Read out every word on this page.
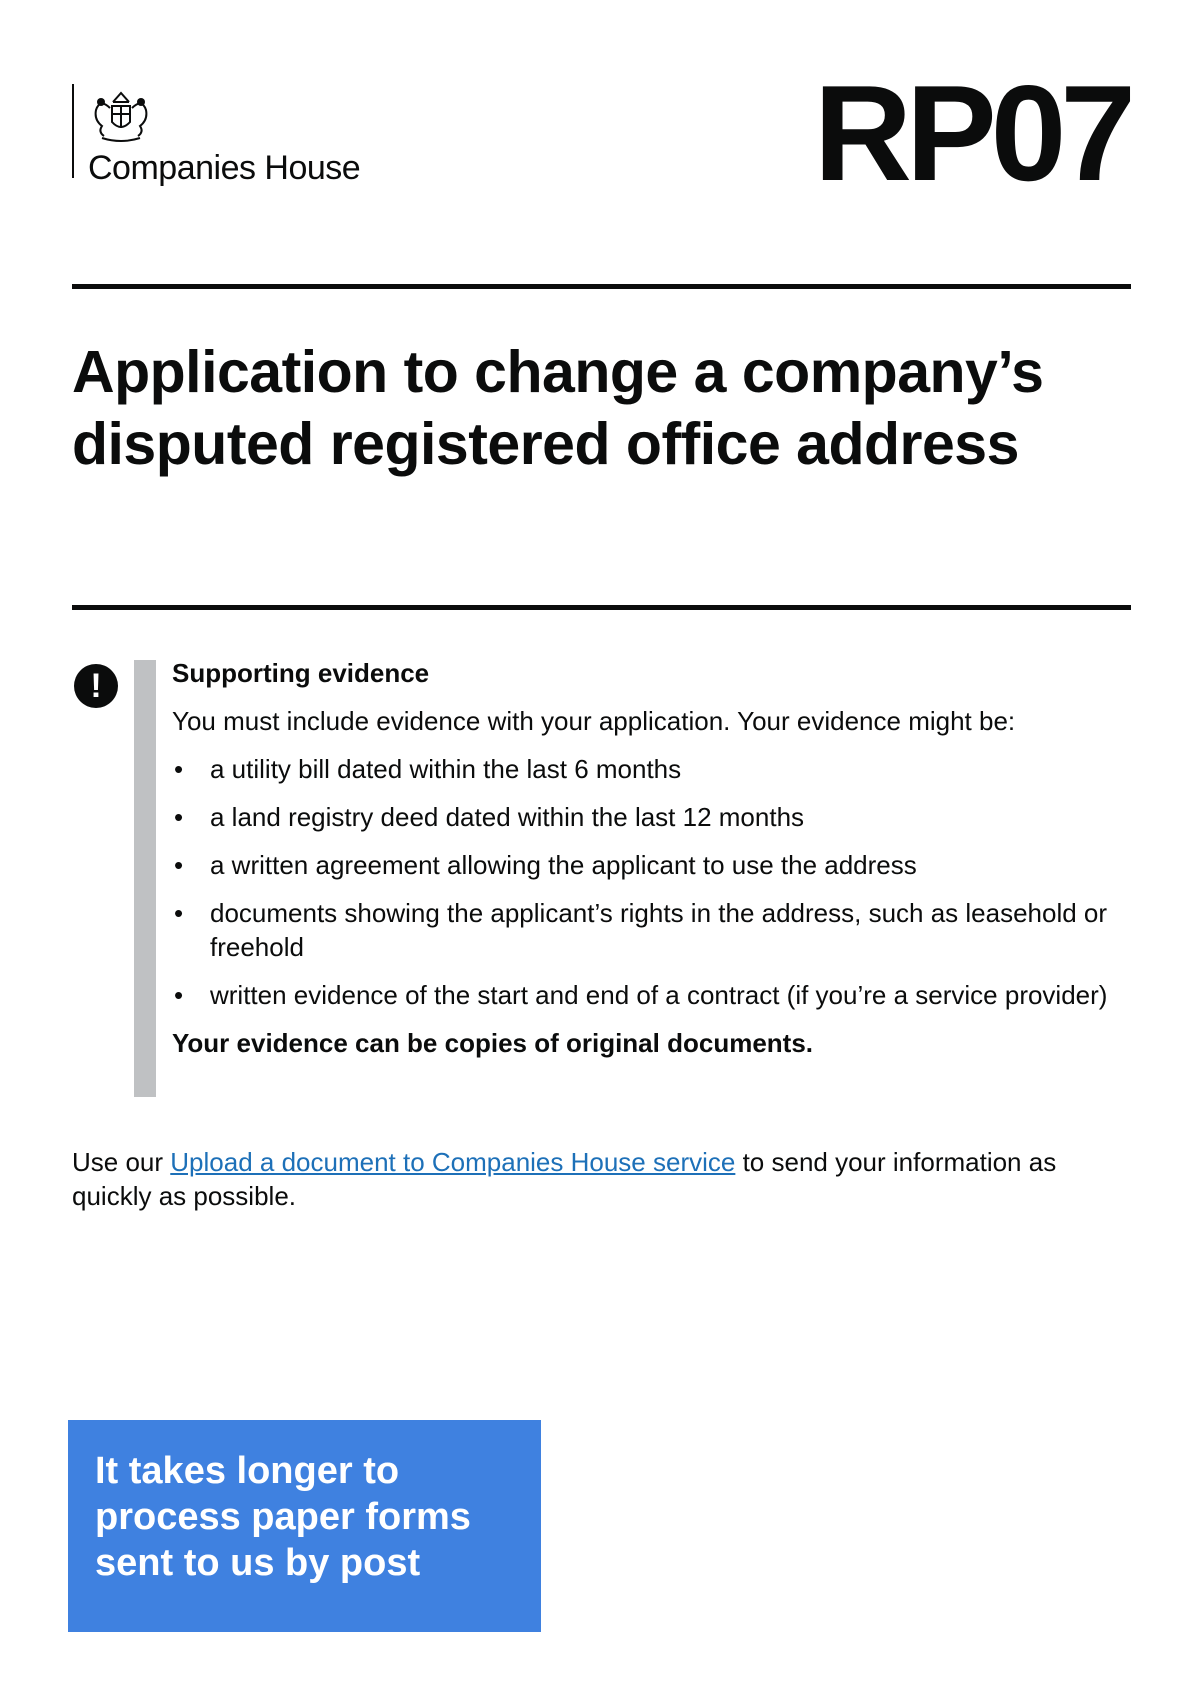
Companies House	RP07
Application to change a company’s disputed registered office address
!	Supporting evidence

You must include evidence with your application. Your evidence might be:

• a utility bill dated within the last 6 months
• a land registry deed dated within the last 12 months
• a written agreement allowing the applicant to use the address
• documents showing the applicant’s rights in the address, such as leasehold or freehold
• written evidence of the start and end of a contract (if you’re a service provider)

Your evidence can be copies of original documents.

Use our Upload a document to Companies House service to send your information as quickly as possible.

It takes longer to process paper forms sent to us by post
